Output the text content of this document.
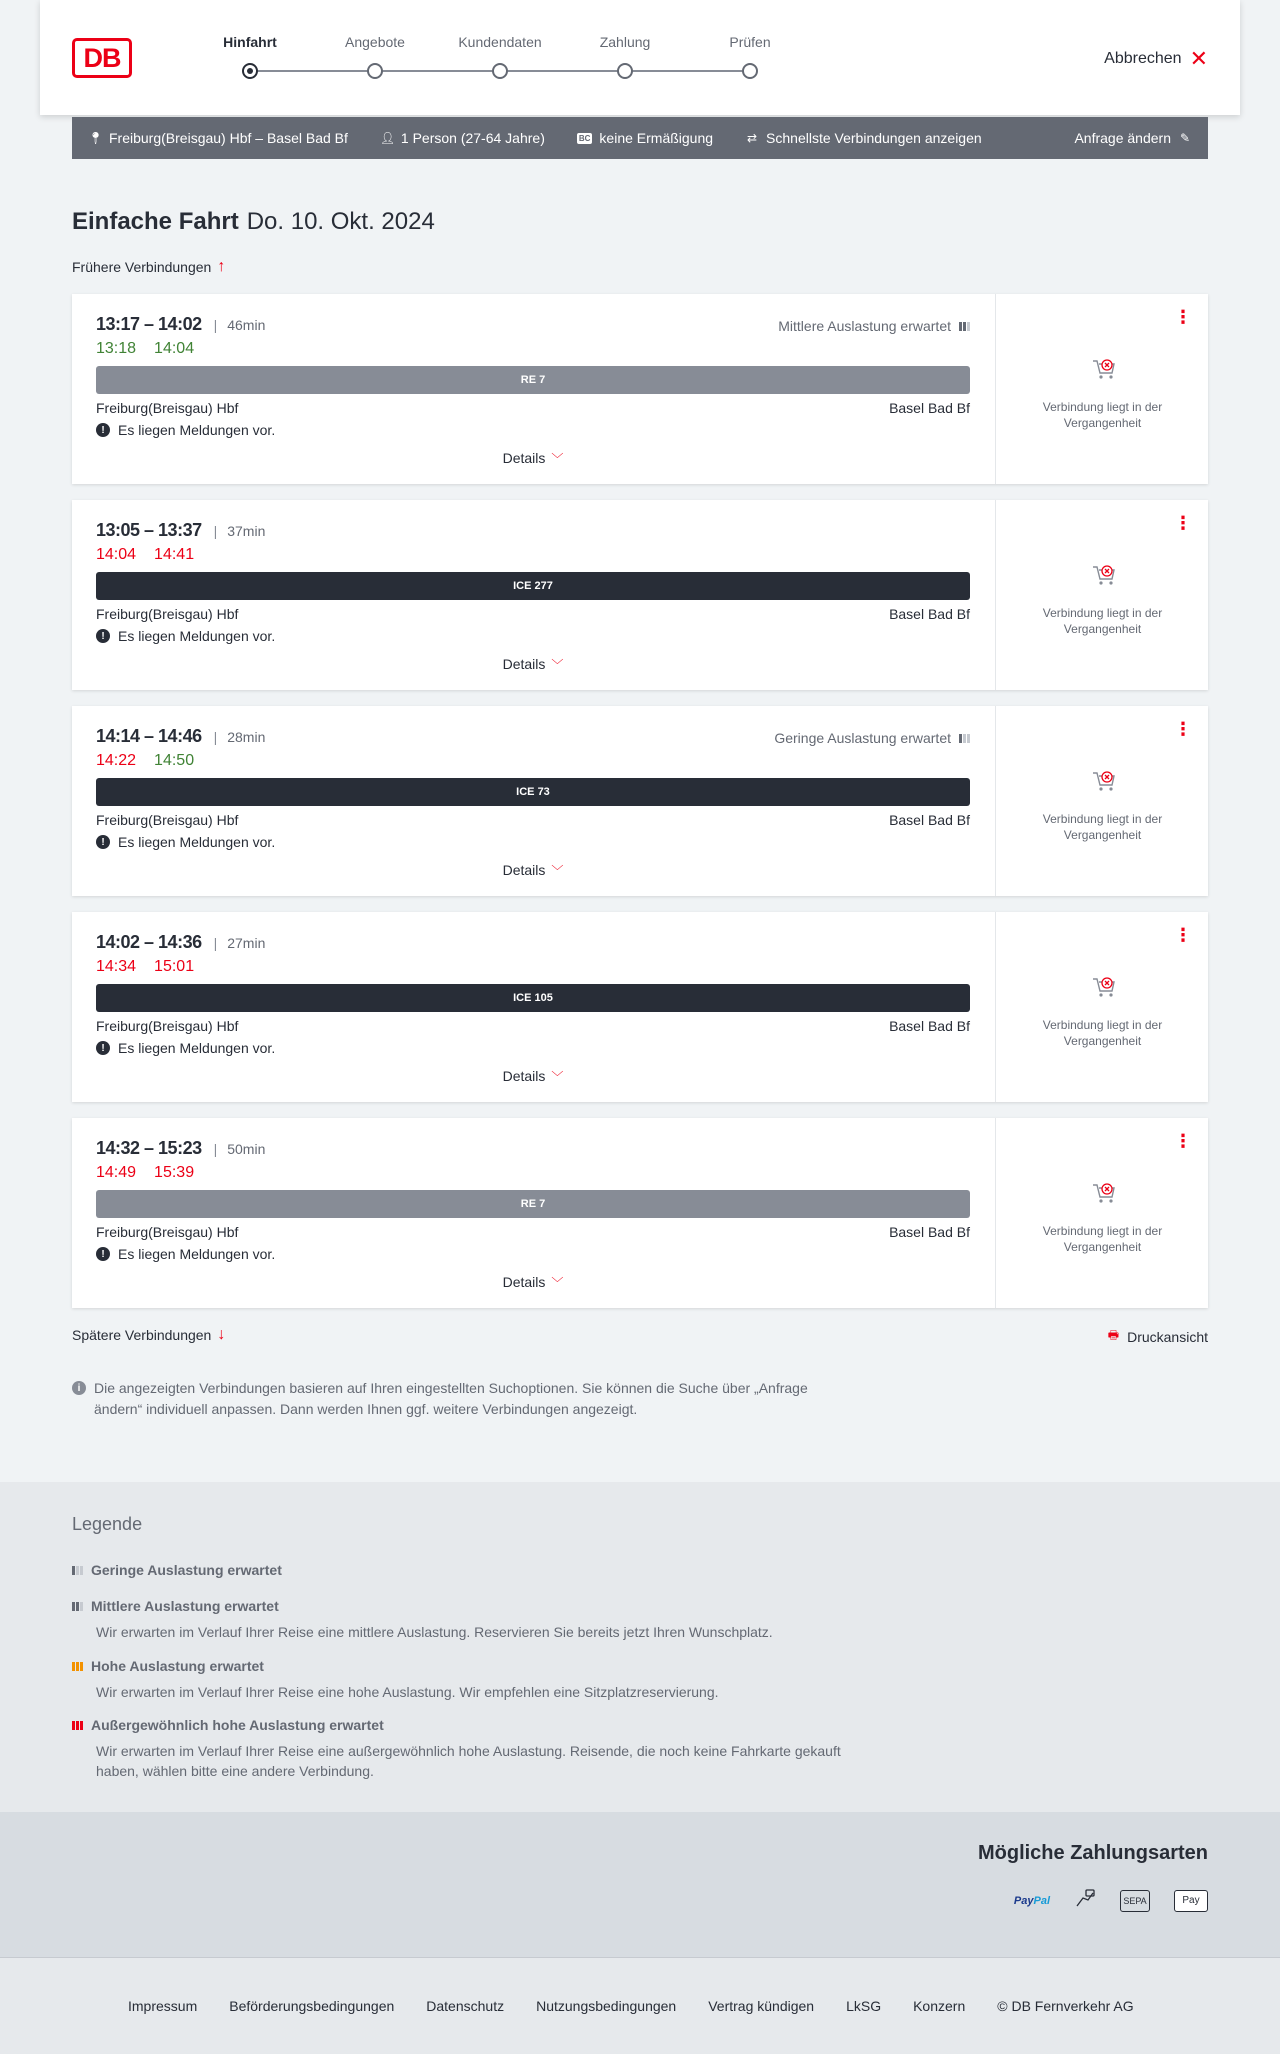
DB
Hinfahrt	Angebote	Kundendaten	Zahlung	Prüfen
Abbrechen ✕
📍︎ Freiburg(Breisgau) Hbf – Basel Bad Bf	👤︎ 1 Person (27-64 Jahre)	BC keine Ermäßigung	⇄ Schnellste Verbindungen anzeigen	Anfrage ändern ✎
Einfache Fahrt Do. 10. Okt. 2024
Frühere Verbindungen ↑
13:17 – 14:02 | 46min
13:18 14:04
Mittlere Auslastung erwartet
RE 7
Freiburg(Breisgau) Hbf	Basel Bad Bf
! Es liegen Meldungen vor.
Details ﹀
⋮
Verbindung liegt in der Vergangenheit
13:05 – 13:37 | 37min
14:04 14:41
ICE 277
Freiburg(Breisgau) Hbf	Basel Bad Bf
! Es liegen Meldungen vor.
Details ﹀
⋮
Verbindung liegt in der Vergangenheit
14:14 – 14:46 | 28min
14:22 14:50
Geringe Auslastung erwartet
ICE 73
Freiburg(Breisgau) Hbf	Basel Bad Bf
! Es liegen Meldungen vor.
Details ﹀
⋮
Verbindung liegt in der Vergangenheit
14:02 – 14:36 | 27min
14:34 15:01
ICE 105
Freiburg(Breisgau) Hbf	Basel Bad Bf
! Es liegen Meldungen vor.
Details ﹀
⋮
Verbindung liegt in der Vergangenheit
14:32 – 15:23 | 50min
14:49 15:39
RE 7
Freiburg(Breisgau) Hbf	Basel Bad Bf
! Es liegen Meldungen vor.
Details ﹀
⋮
Verbindung liegt in der Vergangenheit
Spätere Verbindungen ↓	🖶 Druckansicht
i Die angezeigten Verbindungen basieren auf Ihren eingestellten Suchoptionen. Sie können die Suche über „Anfrage ändern“ individuell anpassen. Dann werden Ihnen ggf. weitere Verbindungen angezeigt.
Legende
Geringe Auslastung erwartet
Mittlere Auslastung erwartet
Wir erwarten im Verlauf Ihrer Reise eine mittlere Auslastung. Reservieren Sie bereits jetzt Ihren Wunschplatz.
Hohe Auslastung erwartet
Wir erwarten im Verlauf Ihrer Reise eine hohe Auslastung. Wir empfehlen eine Sitzplatzreservierung.
Außergewöhnlich hohe Auslastung erwartet
Wir erwarten im Verlauf Ihrer Reise eine außergewöhnlich hohe Auslastung. Reisende, die noch keine Fahrkarte gekauft haben, wählen bitte eine andere Verbindung.
Mögliche Zahlungsarten
PayPal	SEPA	Pay
Impressum Beförderungsbedingungen Datenschutz Nutzungsbedingungen Vertrag kündigen LkSG Konzern © DB Fernverkehr AG
